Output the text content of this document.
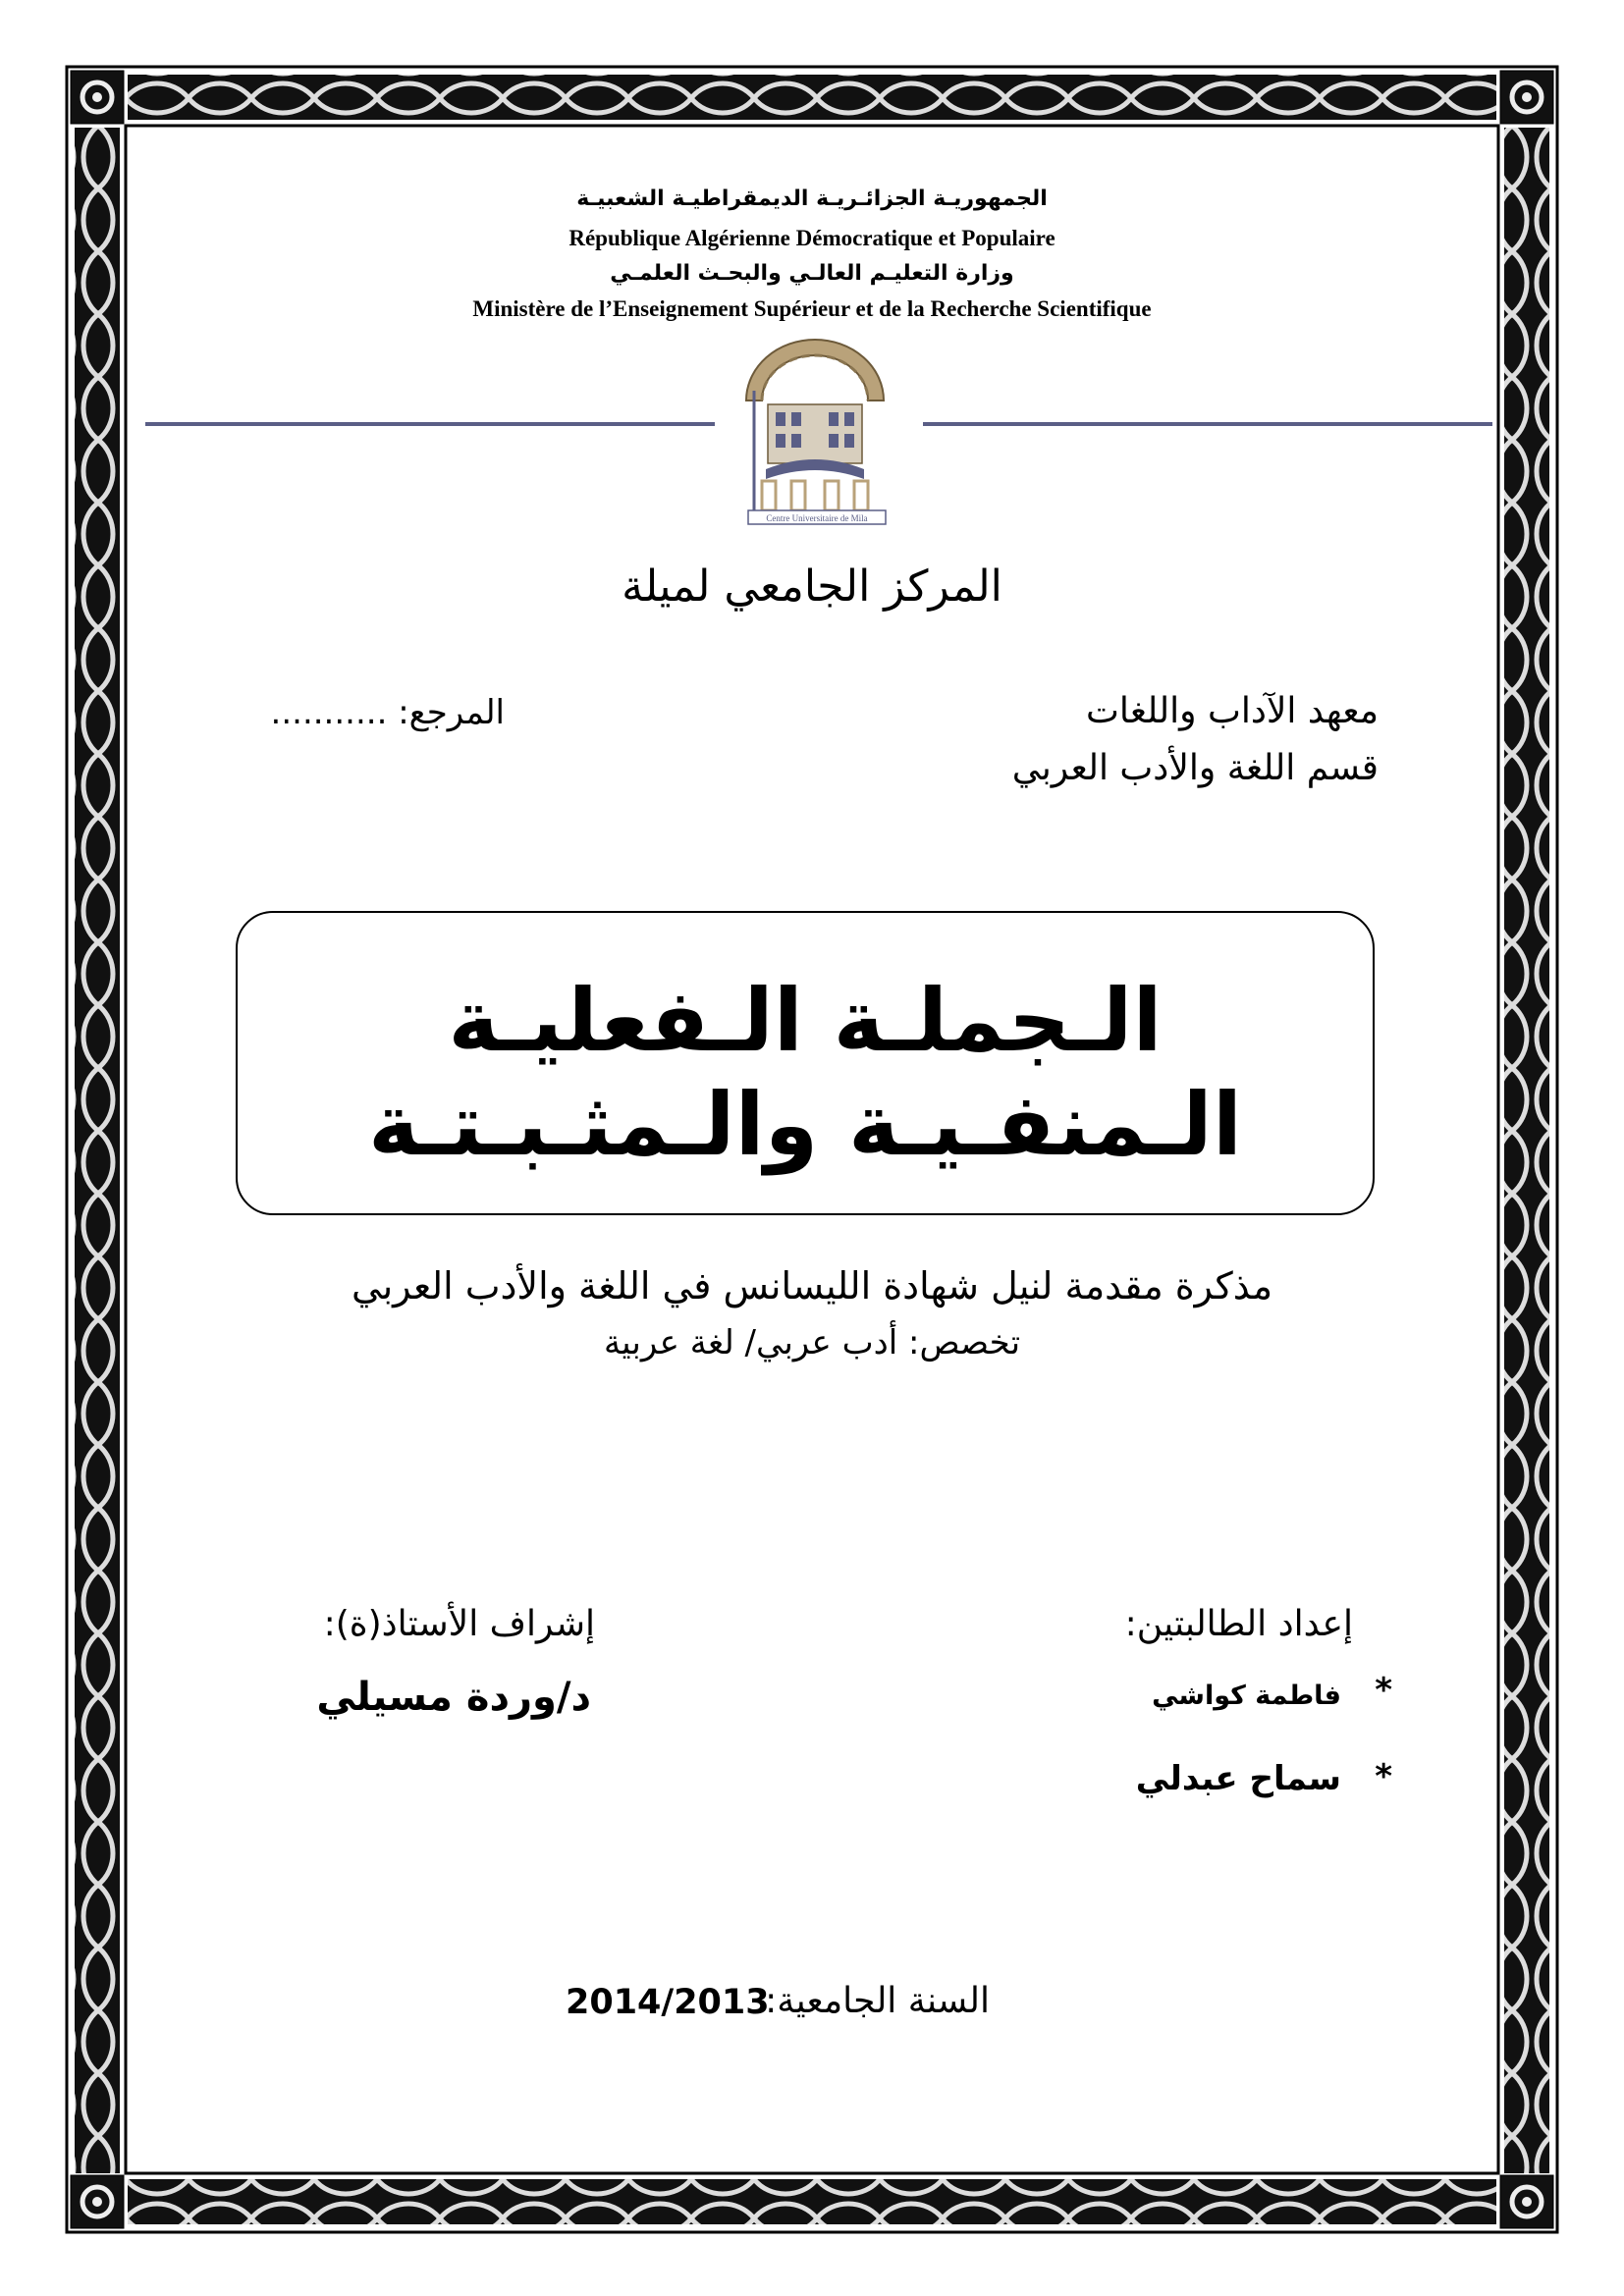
الجمهوريـة الجزائـريـة الديمقراطيـة الشعبيـة
République Algérienne Démocratique et Populaire
وزارة التعليـم العالـي والبحـث العلمـي
Ministère de l’Enseignement Supérieur et de la Recherche Scientifique
Centre Universitaire de Mila
المركز الجامعي لميلة
معهد الآداب واللغات
قسم اللغة والأدب العربي
المرجع: ...........
الـجملـة الـفعليـة
الـمنفـيـة والـمثـبـتـة
مذكرة مقدمة لنيل شهادة الليسانس في اللغة والأدب العربي
تخصص: أدب عربي/ لغة عربية
إعداد الطالبتين:
*
فاطمة كواشي
*
سماح عبدلي
إشراف الأستاذ(ة):
د/وردة مسيلي
السنة الجامعية:
2014/2013
